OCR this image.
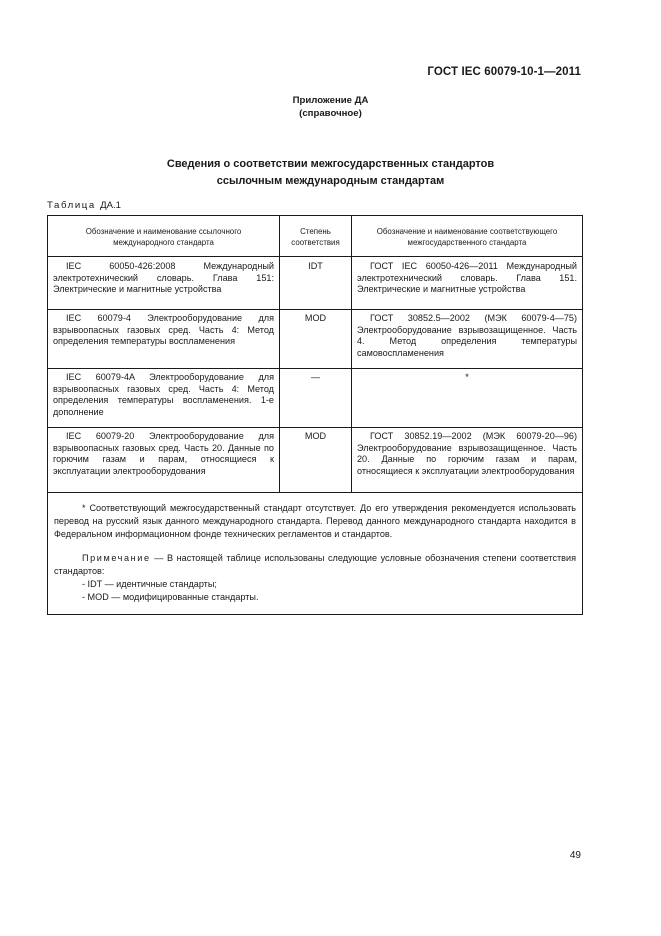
ГОСТ IEC 60079-10-1—2011
Приложение ДА
(справочное)
Сведения о соответствии межгосударственных стандартов
ссылочным международным стандартам
Таблица ДА.1
Обозначение и наименование ссылочного международного стандарта	Степень соответствия	Обозначение и наименование соответствующего межгосударственного стандарта

IEC 60050-426:2008 Международный электротехнический словарь. Глава 151: Электрические и магнитные устройства	IDT	ГОСТ IEC 60050-426—2011 Международный электротехнический словарь. Глава 151. Электрические и магнитные устройства

IEC 60079-4 Электрооборудование для взрывоопасных газовых сред. Часть 4: Метод определения температуры воспламенения	MOD	ГОСТ 30852.5—2002 (МЭК 60079-4—75) Электрооборудование взрывозащищенное. Часть 4. Метод определения температуры самовоспламенения

IEC 60079-4A Электрооборудование для взрывоопасных газовых сред. Часть 4: Метод определения температуры воспламенения. 1-е дополнение	—	*

IEC 60079-20 Электрооборудование для взрывоопасных газовых сред. Часть 20. Данные по горючим газам и парам, относящиеся к эксплуатации электрооборудования	MOD	ГОСТ 30852.19—2002 (МЭК 60079-20—96) Электрооборудование взрывозащищенное. Часть 20. Данные по горючим газам и парам, относящиеся к эксплуатации электрооборудования

* Соответствующий межгосударственный стандарт отсутствует. До его утверждения рекомендуется использовать перевод на русский язык данного международного стандарта. Перевод данного международного стандарта находится в Федеральном информационном фонде технических регламентов и стандартов.

Примечание — В настоящей таблице использованы следующие условные обозначения степени соответствия стандартов:

- IDT — идентичные стандарты;

- MOD — модифицированные стандарты.		

49
